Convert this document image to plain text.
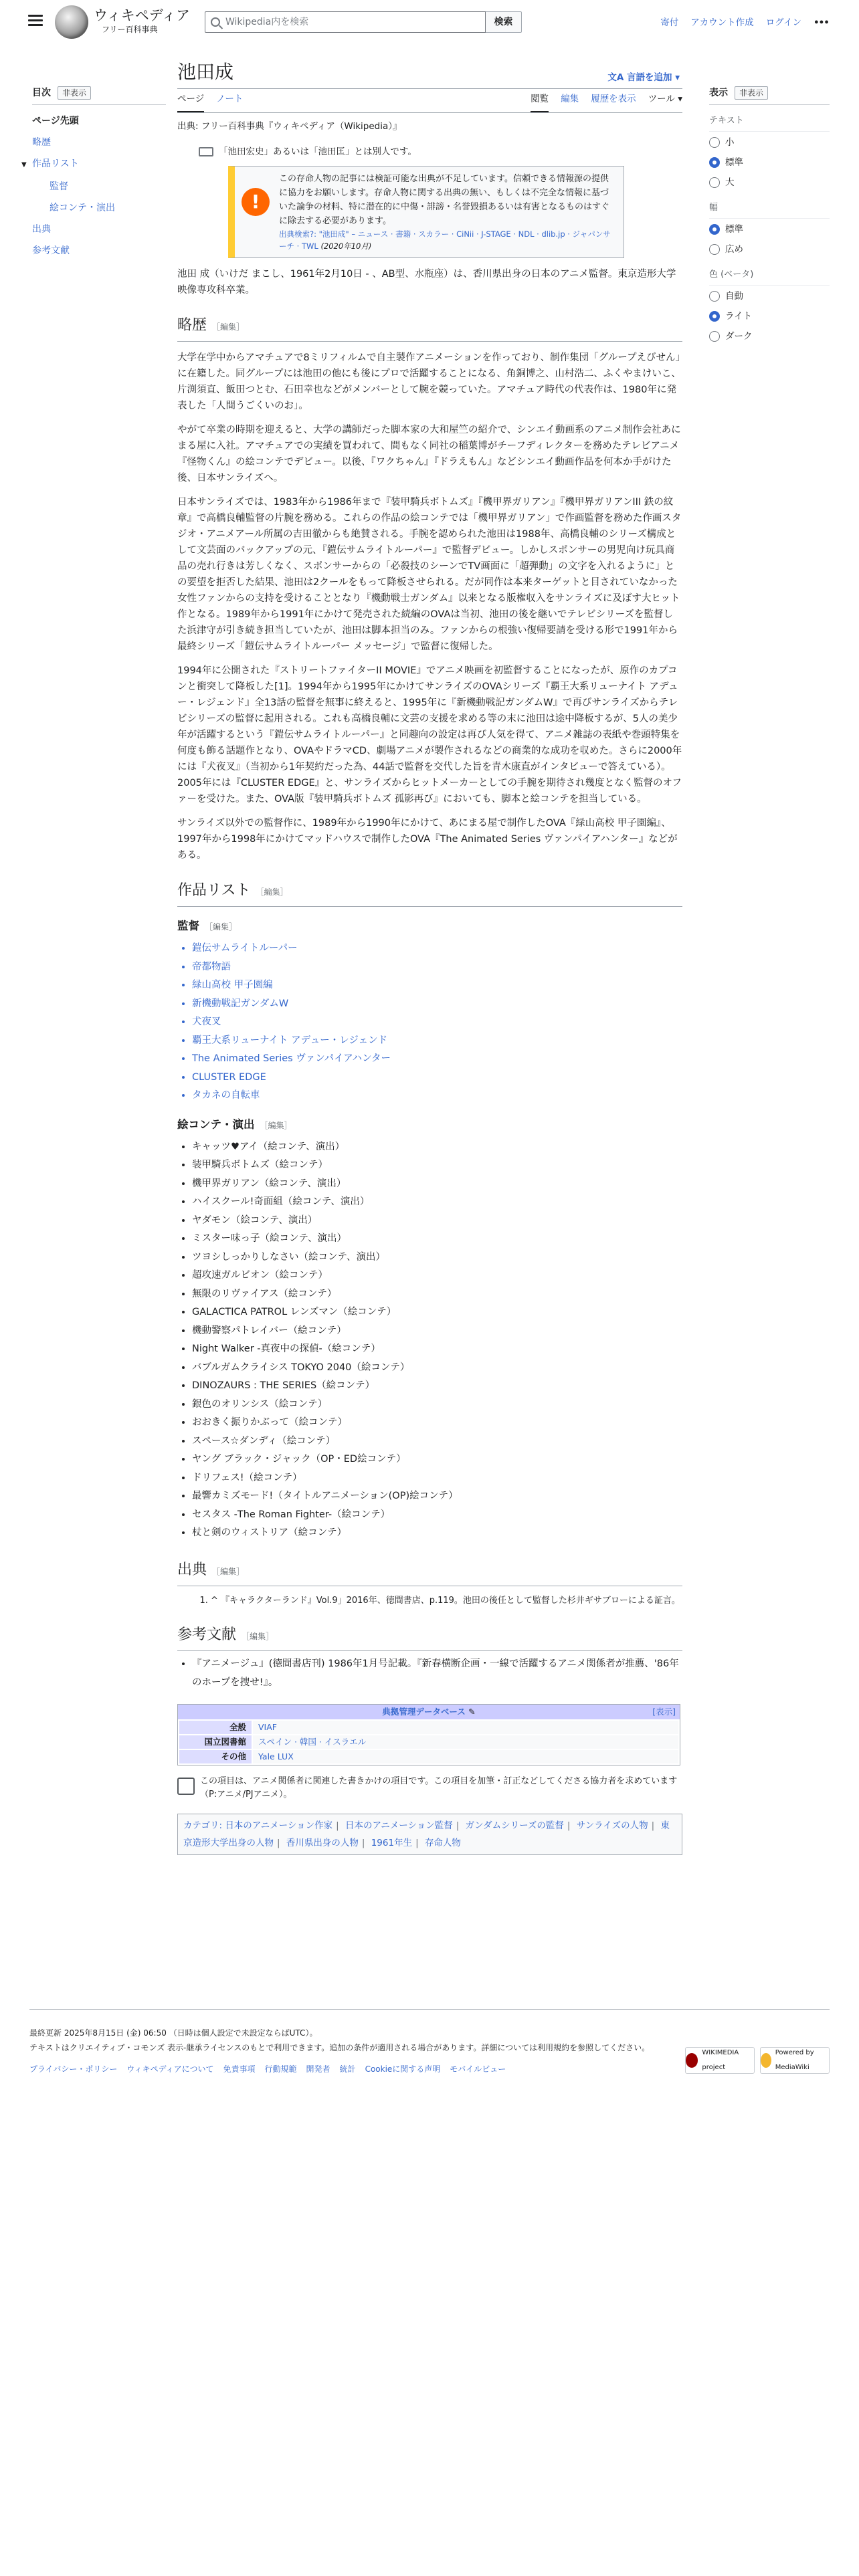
ウィキペディア
フリー百科事典
Wikipedia内を検索	検索	寄付 アカウント作成 ログイン •••
目次	非表示
ページ先頭
略歴
▼ 作品リスト
監督
絵コンテ・演出
出典
参考文献
池田成	文A 言語を追加 ▾
ページ ノート	閲覧 編集 履歴を表示 ツール ▾
出典: フリー百科事典『ウィキペディア（Wikipedia）』
「池田宏史」あるいは「池田匡」とは別人です。
!
この存命人物の記事には検証可能な出典が不足しています。信頼できる情報源の提供に協力をお願いします。存命人物に関する出典の無い、もしくは不完全な情報に基づいた論争の材料、特に潜在的に中傷・誹謗・名誉毀損あるいは有害となるものはすぐに除去する必要があります。
出典検索?: "池田成" – ニュース · 書籍 · スカラー · CiNii · J-STAGE · NDL · dlib.jp · ジャパンサーチ · TWL (2020年10月)

池田 成（いけだ まこし、1961年2月10日 - 、AB型、水瓶座）は、香川県出身の日本のアニメ監督。東京造形大学映像専攻科卒業。

略歴 ［編集］

大学在学中からアマチュアで8ミリフィルムで自主製作アニメーションを作っており、制作集団「グループえびせん」に在籍した。同グループには池田の他にも後にプロで活躍することになる、角銅博之、山村浩二、ふくやまけいこ、片渕須直、飯田つとむ、石田幸也などがメンバーとして腕を競っていた。アマチュア時代の代表作は、1980年に発表した「人間うごくいのお」。

やがて卒業の時期を迎えると、大学の講師だった脚本家の大和屋竺の紹介で、シンエイ動画系のアニメ制作会社あにまる屋に入社。アマチュアでの実績を買われて、間もなく同社の稲葉博がチーフディレクターを務めたテレビアニメ『怪物くん』の絵コンテでデビュー。以後、『ワクちゃん』『ドラえもん』などシンエイ動画作品を何本か手がけた後、日本サンライズへ。

日本サンライズでは、1983年から1986年まで『装甲騎兵ボトムズ』『機甲界ガリアン』『機甲界ガリアンIII 鉄の紋章』で高橋良輔監督の片腕を務める。これらの作品の絵コンテでは「機甲界ガリアン」で作画監督を務めた作画スタジオ・アニメアール所属の吉田徹からも絶賛される。手腕を認められた池田は1988年、高橋良輔のシリーズ構成として文芸面のバックアップの元、『鎧伝サムライトルーパー』で監督デビュー。しかしスポンサーの男児向け玩具商品の売れ行きは芳しくなく、スポンサーからの「必殺技のシーンでTV画面に「超弾動」の文字を入れるように」との要望を拒否した結果、池田は2クールをもって降板させられる。だが同作は本来ターゲットと目されていなかった女性ファンからの支持を受けることとなり『機動戦士ガンダム』以来となる版権収入をサンライズに及ぼす大ヒット作となる。1989年から1991年にかけて発売された続編のOVAは当初、池田の後を継いでテレビシリーズを監督した浜津守が引き続き担当していたが、池田は脚本担当のみ。ファンからの根強い復帰要請を受ける形で1991年から最終シリーズ「鎧伝サムライトルーパー メッセージ」で監督に復帰した。

1994年に公開された『ストリートファイターII MOVIE』でアニメ映画を初監督することになったが、原作のカプコンと衝突して降板した[1]。1994年から1995年にかけてサンライズのOVAシリーズ『覇王大系リューナイト アデュー・レジェンド』全13話の監督を無事に終えると、1995年に『新機動戦記ガンダムW』で再びサンライズからテレビシリーズの監督に起用される。これも高橋良輔に文芸の支援を求める等の末に池田は途中降板するが、5人の美少年が活躍するという『鎧伝サムライトルーパー』と同趣向の設定は再び人気を得て、アニメ雑誌の表紙や巻頭特集を何度も飾る話題作となり、OVAやドラマCD、劇場アニメが製作されるなどの商業的な成功を収めた。さらに2000年には『犬夜叉』（当初から1年契約だった為、44話で監督を交代した旨を青木康直がインタビューで答えている）。2005年には『CLUSTER EDGE』と、サンライズからヒットメーカーとしての手腕を期待され幾度となく監督のオファーを受けた。また、OVA版『装甲騎兵ボトムズ 孤影再び』においても、脚本と絵コンテを担当している。

サンライズ以外での監督作に、1989年から1990年にかけて、あにまる屋で制作したOVA『緑山高校 甲子園編』、1997年から1998年にかけてマッドハウスで制作したOVA『The Animated Series ヴァンパイアハンター』などがある。

作品リスト ［編集］
監督 ［編集］
• 鎧伝サムライトルーパー
• 帝都物語
• 緑山高校 甲子園編
• 新機動戦記ガンダムW
• 犬夜叉
• 覇王大系リューナイト アデュー・レジェンド
• The Animated Series ヴァンパイアハンター
• CLUSTER EDGE
• タカネの自転車
絵コンテ・演出 ［編集］
• キャッツ♥アイ（絵コンテ、演出）
• 装甲騎兵ボトムズ（絵コンテ）
• 機甲界ガリアン（絵コンテ、演出）
• ハイスクール!奇面組（絵コンテ、演出）
• ヤダモン（絵コンテ、演出）
• ミスター味っ子（絵コンテ、演出）
• ツヨシしっかりしなさい（絵コンテ、演出）
• 超攻速ガルビオン（絵コンテ）
• 無限のリヴァイアス（絵コンテ）
• GALACTICA PATROL レンズマン（絵コンテ）
• 機動警察パトレイバー（絵コンテ）
• Night Walker -真夜中の探偵-（絵コンテ）
• バブルガムクライシス TOKYO 2040（絵コンテ）
• DINOZAURS : THE SERIES（絵コンテ）
• 銀色のオリンシス（絵コンテ）
• おおきく振りかぶって（絵コンテ）
• スペース☆ダンディ（絵コンテ）
• ヤング ブラック・ジャック（OP・ED絵コンテ）
• ドリフェス!（絵コンテ）
• 最響カミズモード!（タイトルアニメーション(OP)絵コンテ）
• セスタス -The Roman Fighter-（絵コンテ）
• 杖と剣のウィストリア（絵コンテ）
出典 ［編集］
1. ^ 『キャラクターランド』Vol.9」2016年、徳間書店、p.119。池田の後任として監督した杉井ギサブローによる証言。
参考文献 ［編集］
• 『アニメージュ』(徳間書店刊) 1986年1月号記載。『新春横断企画・一線で活躍するアニメ関係者が推薦、'86年のホープを捜せ!』。
典拠管理データベース ✎	[表示]
全般	VIAF
国立図書館	スペイン · 韓国 · イスラエル
その他	Yale LUX
この項目は、アニメ関係者に関連した書きかけの項目です。この項目を加筆・訂正などしてくださる協力者を求めています（P:アニメ/PJアニメ）。
カテゴリ: 日本のアニメーション作家 | 日本のアニメーション監督 | ガンダムシリーズの監督 | サンライズの人物 | 東京造形大学出身の人物 | 香川県出身の人物 | 1961年生 | 存命人物
表示	非表示
テキスト
小
標準
大
幅
標準
広め
色 (ベータ)
自動
ライト
ダーク
最終更新 2025年8月15日 (金) 06:50 （日時は個人設定で未設定ならばUTC）。
テキストはクリエイティブ・コモンズ 表示-継承ライセンスのもとで利用できます。追加の条件が適用される場合があります。詳細については利用規約を参照してください。
プライバシー・ポリシー ウィキペディアについて 免責事項 行動規範 開発者 統計 Cookieに関する声明 モバイルビュー
WIKIMEDIA project
Powered by MediaWiki
